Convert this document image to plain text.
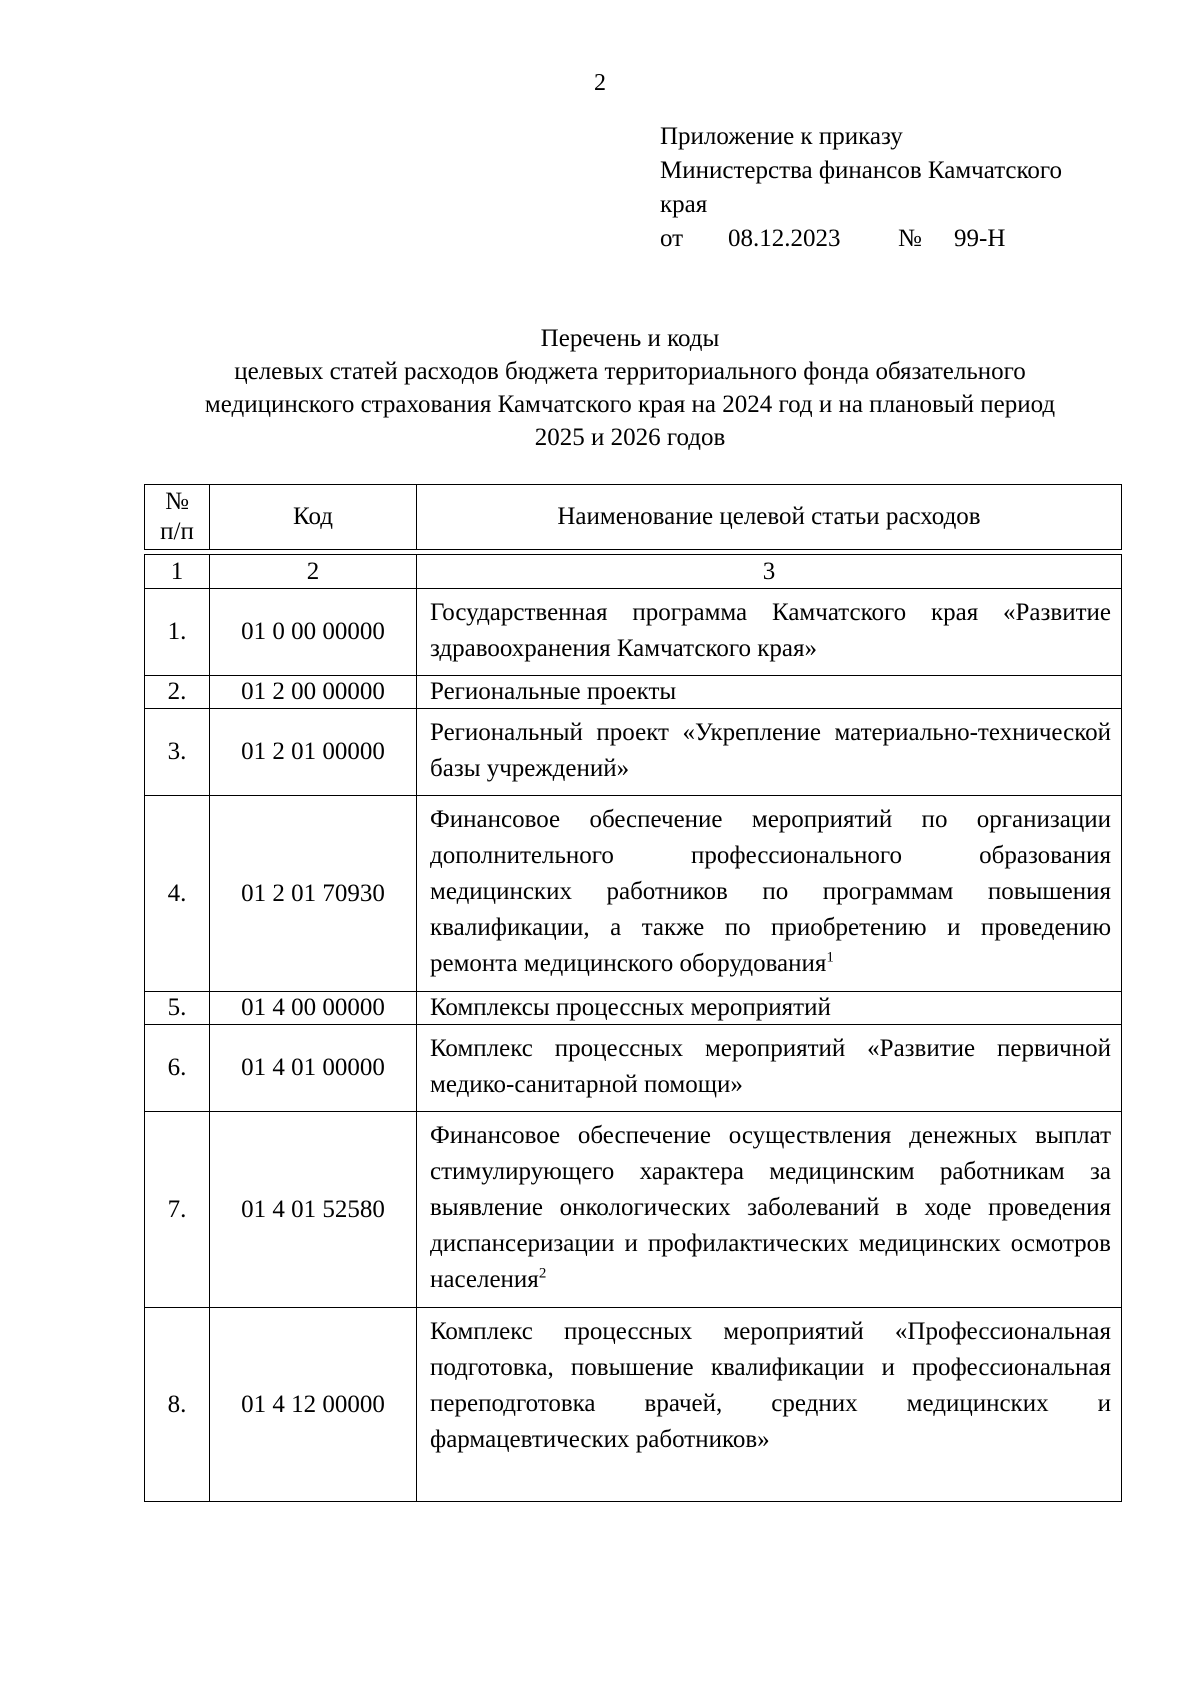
2
Приложение к приказу
Министерства финансов Камчатского
края
от	08.12.2023	№	99-Н
Перечень и коды
целевых статей расходов бюджета территориального фонда обязательного
медицинского страхования Камчатского края на 2024 год и на плановый период
2025 и 2026 годов
№
п/п
	Код	Наименование целевой статьи расходов
1	2	3
1.	01 0 00 00000	Государственная программа Камчатского края «Развитие здравоохранения Камчатского края»
2.	01 2 00 00000	Региональные проекты
3.	01 2 01 00000	Региональный проект «Укрепление материально-технической базы учреждений»
4.	01 2 01 70930	Финансовое обеспечение мероприятий по организации дополнительного профессионального образования медицинских работников по программам повышения квалификации, а также по приобретению и проведению ремонта медицинского оборудования$^1$
5.	01 4 00 00000	Комплексы процессных мероприятий
6.	01 4 01 00000	Комплекс процессных мероприятий «Развитие первичной медико-санитарной помощи»
7.	01 4 01 52580	Финансовое обеспечение осуществления денежных выплат стимулирующего характера медицинским работникам за выявление онкологических заболеваний в ходе проведения диспансеризации и профилактических медицинских осмотров населения$^2$
8.	01 4 12 00000	Комплекс процессных мероприятий «Профессиональная подготовка, повышение квалификации и профессиональная переподготовка врачей, средних медицинских и фармацевтических работников»
